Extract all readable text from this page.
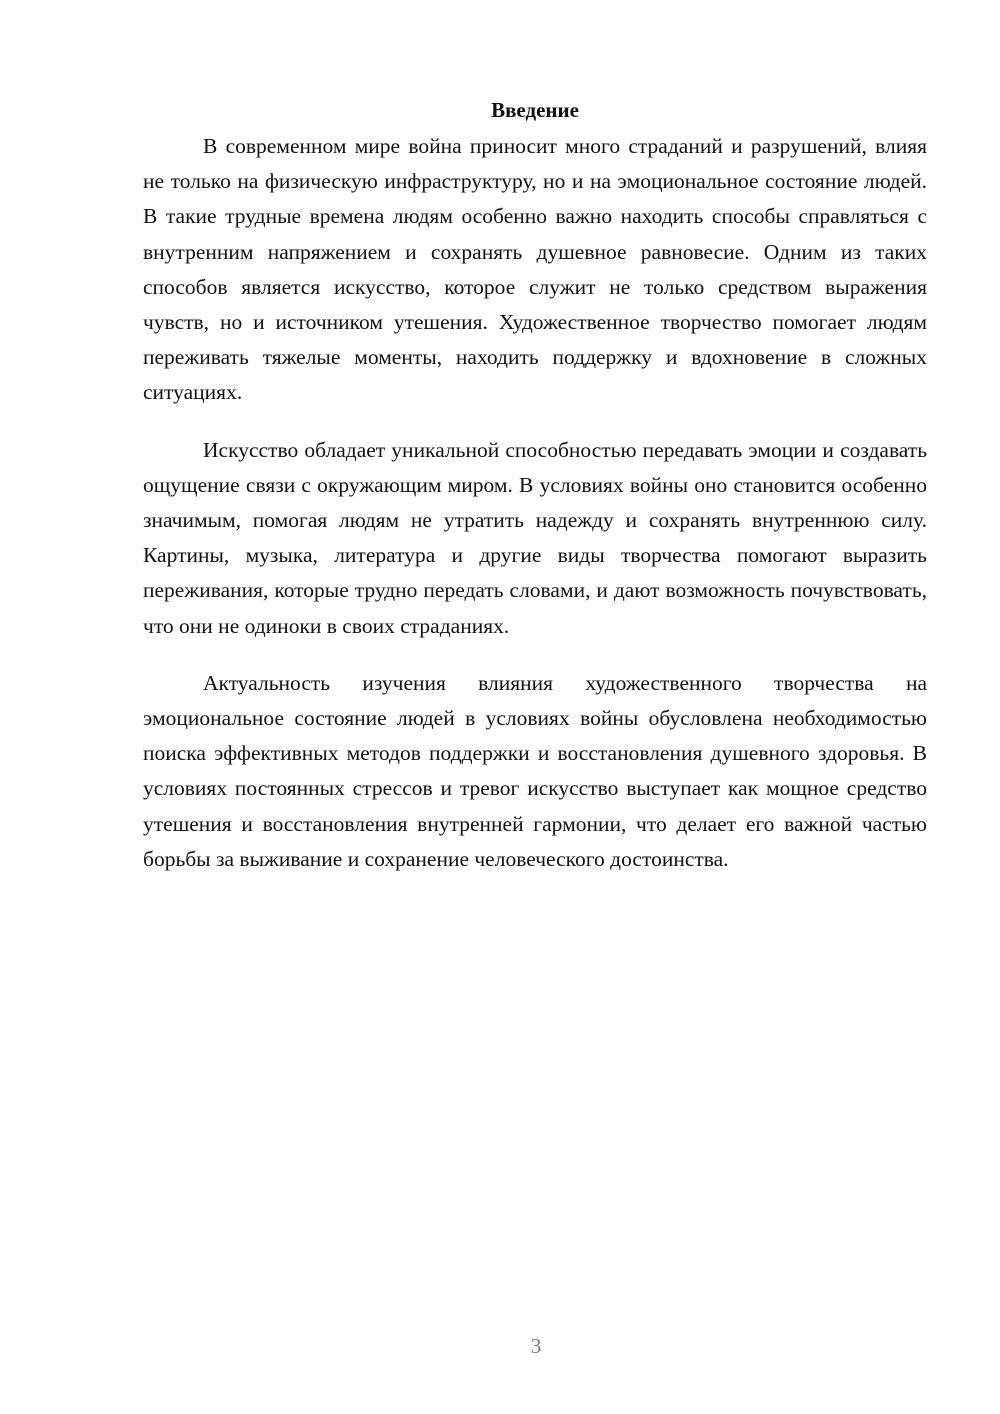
Введение

В современном мире война приносит много страданий и разрушений, влияя не только на физическую инфраструктуру, но и на эмоциональное состояние людей. В такие трудные времена людям особенно важно находить способы справляться с внутренним напряжением и сохранять душевное равновесие. Одним из таких способов является искусство, которое служит не только средством выражения чувств, но и источником утешения. Художественное творчество помогает людям переживать тяжелые моменты, находить поддержку и вдохновение в сложных ситуациях.

Искусство обладает уникальной способностью передавать эмоции и создавать ощущение связи с окружающим миром. В условиях войны оно становится особенно значимым, помогая людям не утратить надежду и сохранять внутреннюю силу. Картины, музыка, литература и другие виды творчества помогают выразить переживания, которые трудно передать словами, и дают возможность почувствовать, что они не одиноки в своих страданиях.

Актуальность изучения влияния художественного творчества на эмоциональное состояние людей в условиях войны обусловлена необходимостью поиска эффективных методов поддержки и восстановления душевного здоровья. В условиях постоянных стрессов и тревог искусство выступает как мощное средство утешения и восстановления внутренней гармонии, что делает его важной частью борьбы за выживание и сохранение человеческого достоинства.

3
